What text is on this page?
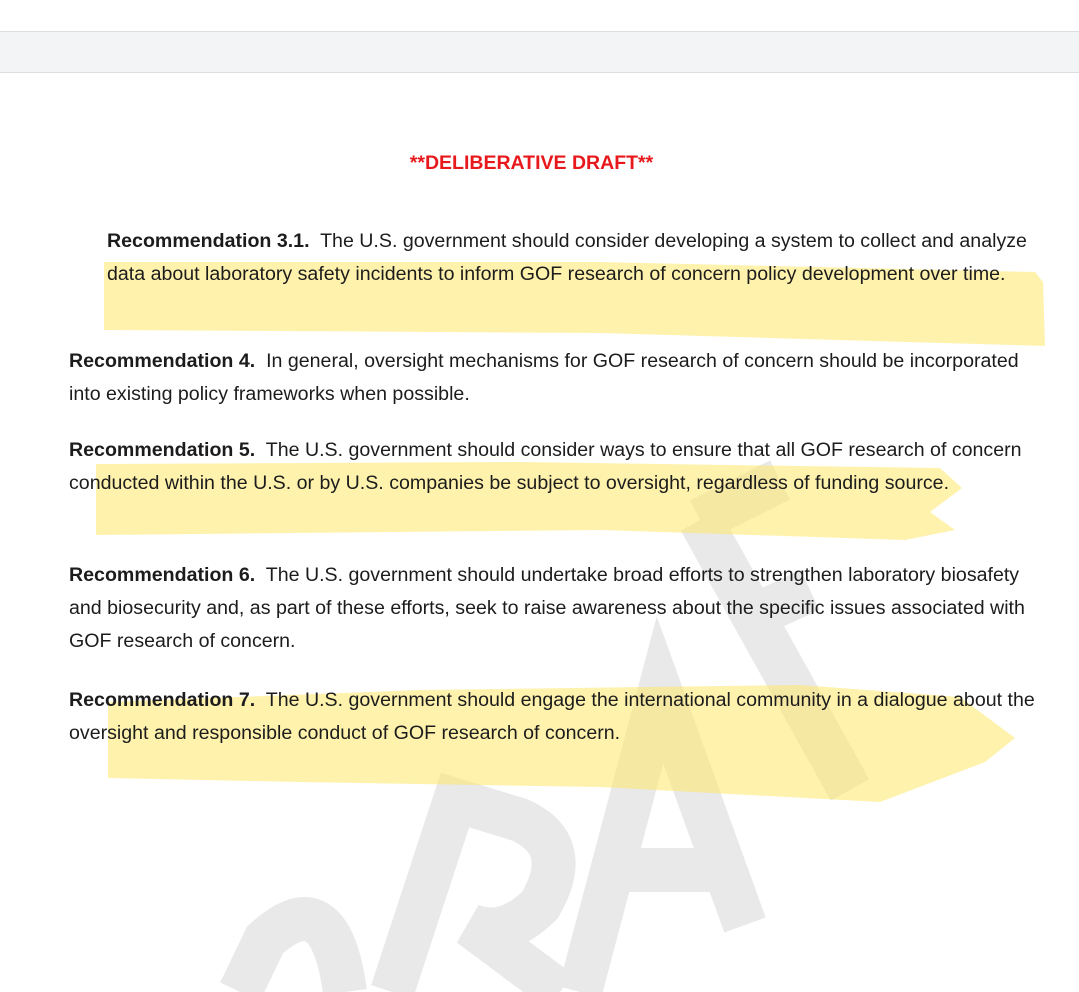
**DELIBERATIVE DRAFT**

Recommendation 3.1. The U.S. government should consider developing a system to collect and analyze data about laboratory safety incidents to inform GOF research of concern policy development over time.

Recommendation 4. In general, oversight mechanisms for GOF research of concern should be incorporated into existing policy frameworks when possible.

Recommendation 5. The U.S. government should consider ways to ensure that all GOF research of concern conducted within the U.S. or by U.S. companies be subject to oversight, regardless of funding source.

Recommendation 6. The U.S. government should undertake broad efforts to strengthen laboratory biosafety and biosecurity and, as part of these efforts, seek to raise awareness about the specific issues associated with GOF research of concern.

Recommendation 7. The U.S. government should engage the international community in a dialogue about the oversight and responsible conduct of GOF research of concern.
